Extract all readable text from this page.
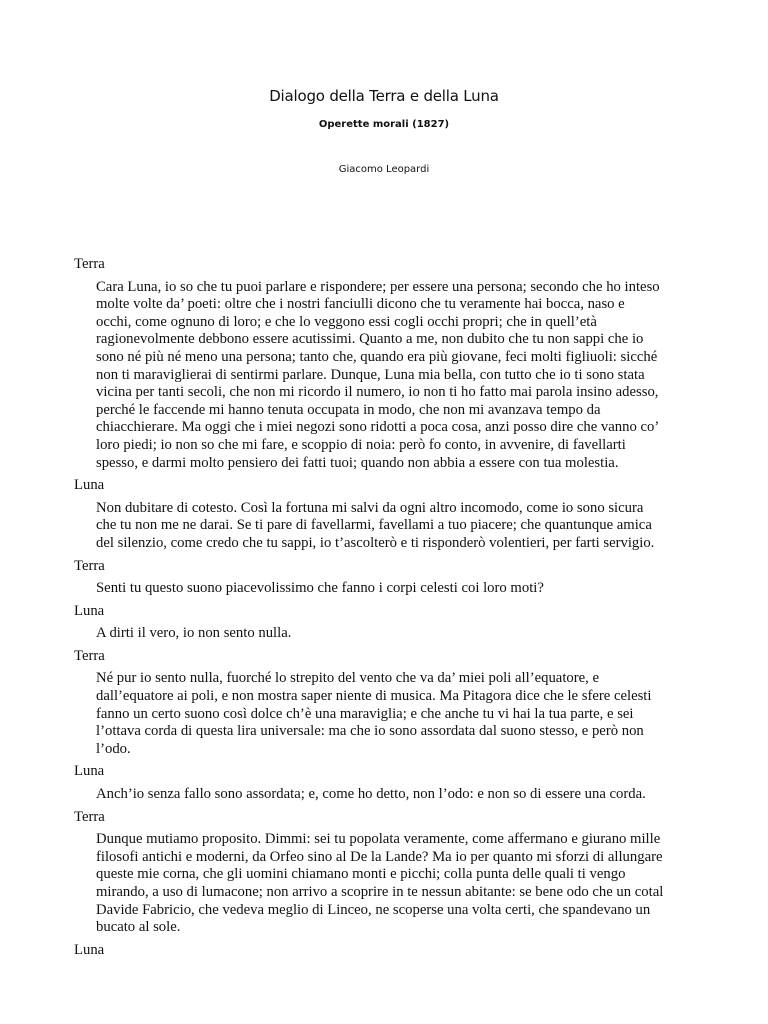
Dialogo della Terra e della Luna
Operette morali (1827)
Giacomo Leopardi
Terra
Cara Luna, io so che tu puoi parlare e rispondere; per essere una persona; secondo che ho inteso
molte volte da’ poeti: oltre che i nostri fanciulli dicono che tu veramente hai bocca, naso e
occhi, come ognuno di loro; e che lo veggono essi cogli occhi propri; che in quell’età
ragionevolmente debbono essere acutissimi. Quanto a me, non dubito che tu non sappi che io
sono né più né meno una persona; tanto che, quando era più giovane, feci molti figliuoli: sicché
non ti maraviglierai di sentirmi parlare. Dunque, Luna mia bella, con tutto che io ti sono stata
vicina per tanti secoli, che non mi ricordo il numero, io non ti ho fatto mai parola insino adesso,
perché le faccende mi hanno tenuta occupata in modo, che non mi avanzava tempo da
chiacchierare. Ma oggi che i miei negozi sono ridotti a poca cosa, anzi posso dire che vanno co’
loro piedi; io non so che mi fare, e scoppio di noia: però fo conto, in avvenire, di favellarti
spesso, e darmi molto pensiero dei fatti tuoi; quando non abbia a essere con tua molestia.
Luna
Non dubitare di cotesto. Così la fortuna mi salvi da ogni altro incomodo, come io sono sicura
che tu non me ne darai. Se ti pare di favellarmi, favellami a tuo piacere; che quantunque amica
del silenzio, come credo che tu sappi, io t’ascolterò e ti risponderò volentieri, per farti servigio.
Terra
Senti tu questo suono piacevolissimo che fanno i corpi celesti coi loro moti?
Luna
A dirti il vero, io non sento nulla.
Terra
Né pur io sento nulla, fuorché lo strepito del vento che va da’ miei poli all’equatore, e
dall’equatore ai poli, e non mostra saper niente di musica. Ma Pitagora dice che le sfere celesti
fanno un certo suono così dolce ch’è una maraviglia; e che anche tu vi hai la tua parte, e sei
l’ottava corda di questa lira universale: ma che io sono assordata dal suono stesso, e però non
l’odo.
Luna
Anch’io senza fallo sono assordata; e, come ho detto, non l’odo: e non so di essere una corda.
Terra
Dunque mutiamo proposito. Dimmi: sei tu popolata veramente, come affermano e giurano mille
filosofi antichi e moderni, da Orfeo sino al De la Lande? Ma io per quanto mi sforzi di allungare
queste mie corna, che gli uomini chiamano monti e picchi; colla punta delle quali ti vengo
mirando, a uso di lumacone; non arrivo a scoprire in te nessun abitante: se bene odo che un cotal
Davide Fabricio, che vedeva meglio di Linceo, ne scoperse una volta certi, che spandevano un
bucato al sole.
Luna
